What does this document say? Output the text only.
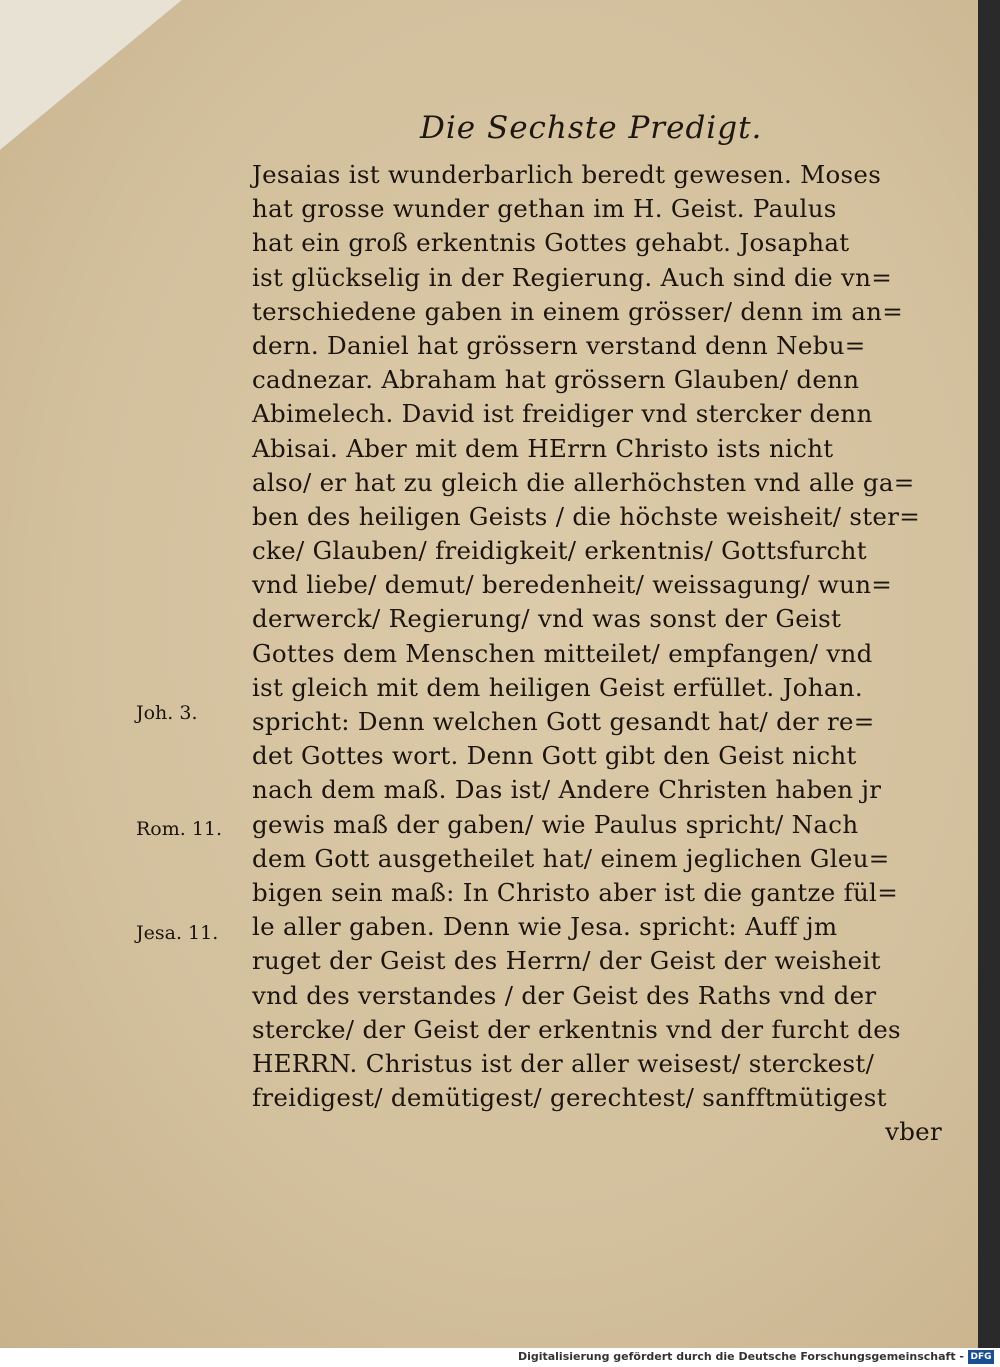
Die Sechste Predigt.
Jesaias ist wunderbarlich beredt gewesen. Moses
hat grosse wunder gethan im H. Geist. Paulus
hat ein groß erkentnis Gottes gehabt. Josaphat
ist glückselig in der Regierung. Auch sind die vn=
terschiedene gaben in einem grösser/ denn im an=
dern. Daniel hat grössern verstand denn Nebu=
cadnezar. Abraham hat grössern Glauben/ denn
Abimelech. David ist freidiger vnd stercker denn
Abisai. Aber mit dem HErrn Christo ists nicht
also/ er hat zu gleich die allerhöchsten vnd alle ga=
ben des heiligen Geists / die höchste weisheit/ ster=
cke/ Glauben/ freidigkeit/ erkentnis/ Gottsfurcht
vnd liebe/ demut/ beredenheit/ weissagung/ wun=
derwerck/ Regierung/ vnd was sonst der Geist
Gottes dem Menschen mitteilet/ empfangen/ vnd
ist gleich mit dem heiligen Geist erfüllet. Johan.
spricht: Denn welchen Gott gesandt hat/ der re=
det Gottes wort. Denn Gott gibt den Geist nicht
nach dem maß. Das ist/ Andere Christen haben jr
gewis maß der gaben/ wie Paulus spricht/ Nach
dem Gott ausgetheilet hat/ einem jeglichen Gleu=
bigen sein maß: In Christo aber ist die gantze fül=
le aller gaben. Denn wie Jesa. spricht: Auff jm
ruget der Geist des Herrn/ der Geist der weisheit
vnd des verstandes / der Geist des Raths vnd der
stercke/ der Geist der erkentnis vnd der furcht des
HERRN. Christus ist der aller weisest/ sterckest/
freidigest/ demütigest/ gerechtest/ sanfftmütigest
vber
Joh. 3.
Rom. 11.
Jesa. 11.
Digitalisierung gefördert durch die Deutsche Forschungsgemeinschaft - DFG
